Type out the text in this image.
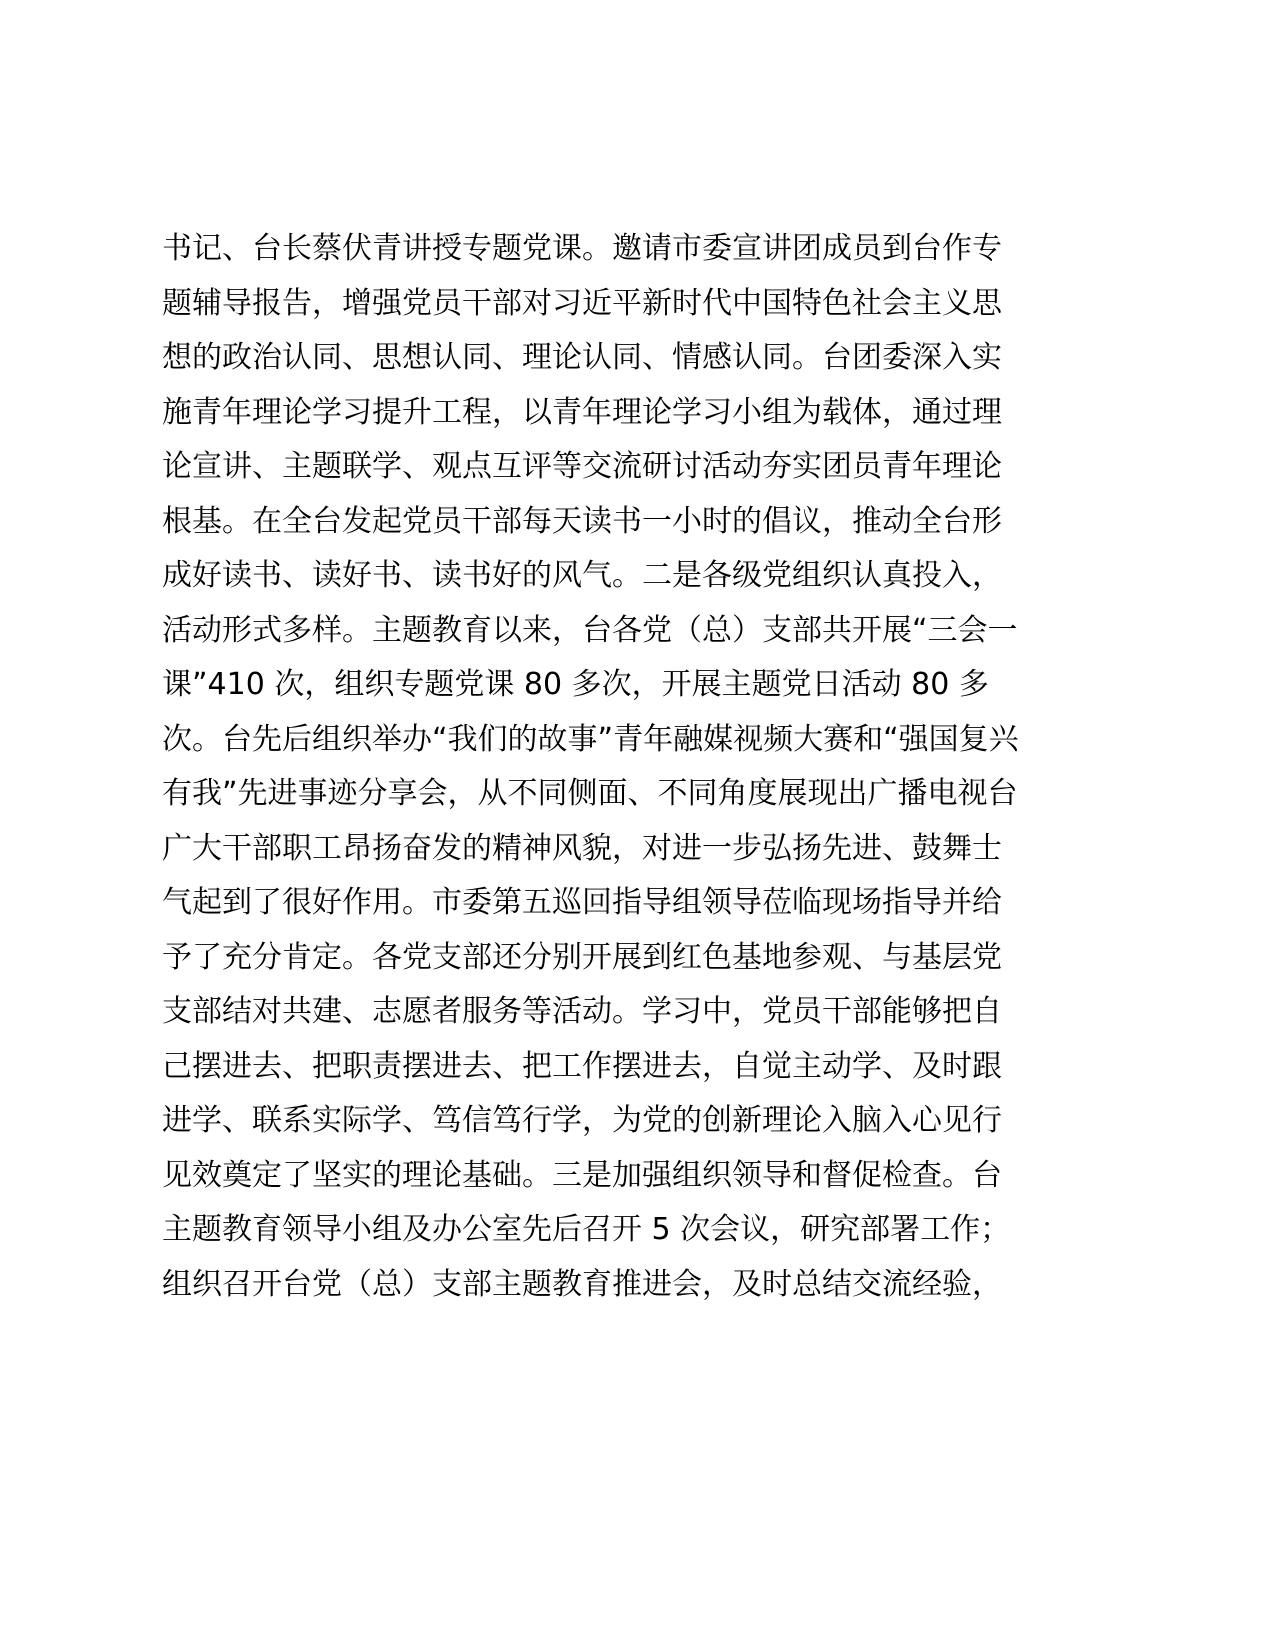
书记、台长蔡伏青讲授专题党课。邀请市委宣讲团成员到台作专
题辅导报告，增强党员干部对习近平新时代中国特色社会主义思
想的政治认同、思想认同、理论认同、情感认同。台团委深入实
施青年理论学习提升工程，以青年理论学习小组为载体，通过理
论宣讲、主题联学、观点互评等交流研讨活动夯实团员青年理论
根基。在全台发起党员干部每天读书一小时的倡议，推动全台形
成好读书、读好书、读书好的风气。二是各级党组织认真投入，
活动形式多样。主题教育以来，台各党（总）支部共开展“三会一
课”410 次，组织专题党课 80 多次，开展主题党日活动 80 多
次。台先后组织举办“我们的故事”青年融媒视频大赛和“强国复兴
有我”先进事迹分享会，从不同侧面、不同角度展现出广播电视台
广大干部职工昂扬奋发的精神风貌，对进一步弘扬先进、鼓舞士
气起到了很好作用。市委第五巡回指导组领导莅临现场指导并给
予了充分肯定。各党支部还分别开展到红色基地参观、与基层党
支部结对共建、志愿者服务等活动。学习中，党员干部能够把自
己摆进去、把职责摆进去、把工作摆进去，自觉主动学、及时跟
进学、联系实际学、笃信笃行学，为党的创新理论入脑入心见行
见效奠定了坚实的理论基础。三是加强组织领导和督促检查。台
主题教育领导小组及办公室先后召开 5 次会议，研究部署工作；
组织召开台党（总）支部主题教育推进会，及时总结交流经验，
